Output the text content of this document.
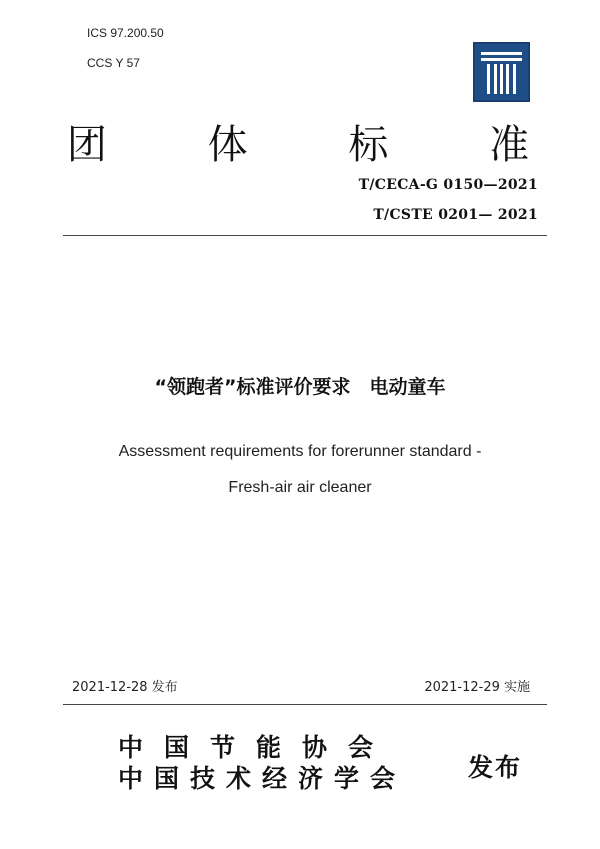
ICS 97.200.50
CCS Y 57
团 体 标 准
T/CECA-G 0150—2021
T/CSTE 0201— 2021
“领跑者”标准评价要求　电动童车
Assessment requirements for forerunner standard -
Fresh-air air cleaner
2021-12-28 发布	2021-12-29 实施
中国节能协会
中国技术经济学会 发布
